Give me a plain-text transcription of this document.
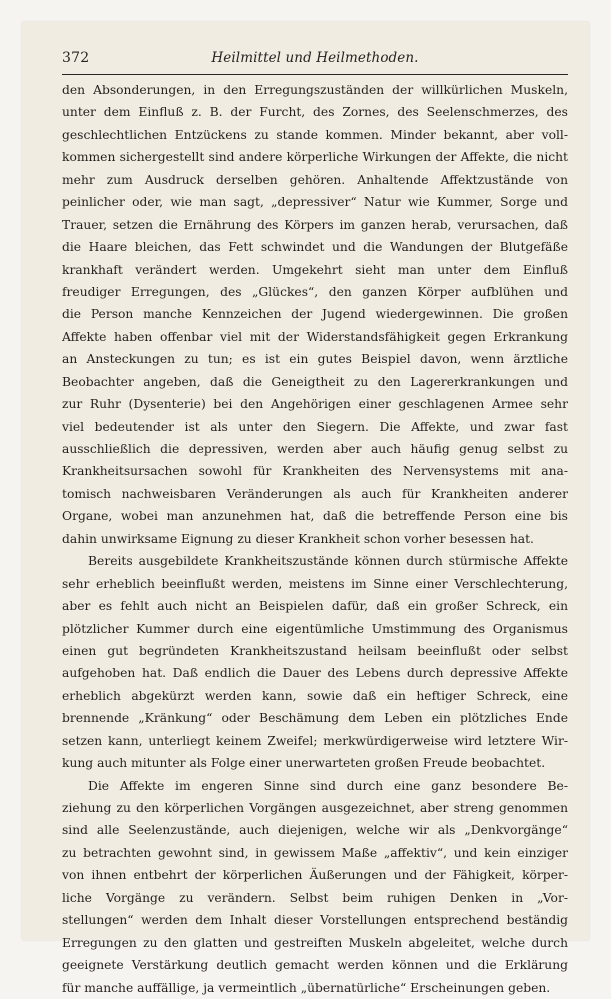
372	Heilmittel und Heilmethoden.
den Absonderungen, in den Erregungszuständen der willkürlichen Muskeln,
unter dem Einfluß z. B. der Furcht, des Zornes, des Seelenschmerzes, des
geschlechtlichen Entzückens zu stande kommen. Minder bekannt, aber voll-
kommen sichergestellt sind andere körperliche Wirkungen der Affekte, die nicht
mehr zum Ausdruck derselben gehören. Anhaltende Affektzustände von
peinlicher oder, wie man sagt, „depressiver“ Natur wie Kummer, Sorge und
Trauer, setzen die Ernährung des Körpers im ganzen herab, verursachen, daß
die Haare bleichen, das Fett schwindet und die Wandungen der Blutgefäße
krankhaft verändert werden. Umgekehrt sieht man unter dem Einfluß
freudiger Erregungen, des „Glückes“, den ganzen Körper aufblühen und
die Person manche Kennzeichen der Jugend wiedergewinnen. Die großen
Affekte haben offenbar viel mit der Widerstandsfähigkeit gegen Erkrankung
an Ansteckungen zu tun; es ist ein gutes Beispiel davon, wenn ärztliche
Beobachter angeben, daß die Geneigtheit zu den Lagererkrankungen und
zur Ruhr (Dysenterie) bei den Angehörigen einer geschlagenen Armee sehr
viel bedeutender ist als unter den Siegern. Die Affekte, und zwar fast
ausschließlich die depressiven, werden aber auch häufig genug selbst zu
Krankheitsursachen sowohl für Krankheiten des Nervensystems mit ana-
tomisch nachweisbaren Veränderungen als auch für Krankheiten anderer
Organe, wobei man anzunehmen hat, daß die betreffende Person eine bis
dahin unwirksame Eignung zu dieser Krankheit schon vorher besessen hat.
Bereits ausgebildete Krankheitszustände können durch stürmische Affekte
sehr erheblich beeinflußt werden, meistens im Sinne einer Verschlechterung,
aber es fehlt auch nicht an Beispielen dafür, daß ein großer Schreck, ein
plötzlicher Kummer durch eine eigentümliche Umstimmung des Organismus
einen gut begründeten Krankheitszustand heilsam beeinflußt oder selbst
aufgehoben hat. Daß endlich die Dauer des Lebens durch depressive Affekte
erheblich abgekürzt werden kann, sowie daß ein heftiger Schreck, eine
brennende „Kränkung“ oder Beschämung dem Leben ein plötzliches Ende
setzen kann, unterliegt keinem Zweifel; merkwürdigerweise wird letztere Wir-
kung auch mitunter als Folge einer unerwarteten großen Freude beobachtet.
Die Affekte im engeren Sinne sind durch eine ganz besondere Be-
ziehung zu den körperlichen Vorgängen ausgezeichnet, aber streng genommen
sind alle Seelenzustände, auch diejenigen, welche wir als „Denkvorgänge“
zu betrachten gewohnt sind, in gewissem Maße „affektiv“, und kein einziger
von ihnen entbehrt der körperlichen Äußerungen und der Fähigkeit, körper-
liche Vorgänge zu verändern. Selbst beim ruhigen Denken in „Vor-
stellungen“ werden dem Inhalt dieser Vorstellungen entsprechend beständig
Erregungen zu den glatten und gestreiften Muskeln abgeleitet, welche durch
geeignete Verstärkung deutlich gemacht werden können und die Erklärung
für manche auffällige, ja vermeintlich „übernatürliche“ Erscheinungen geben.
